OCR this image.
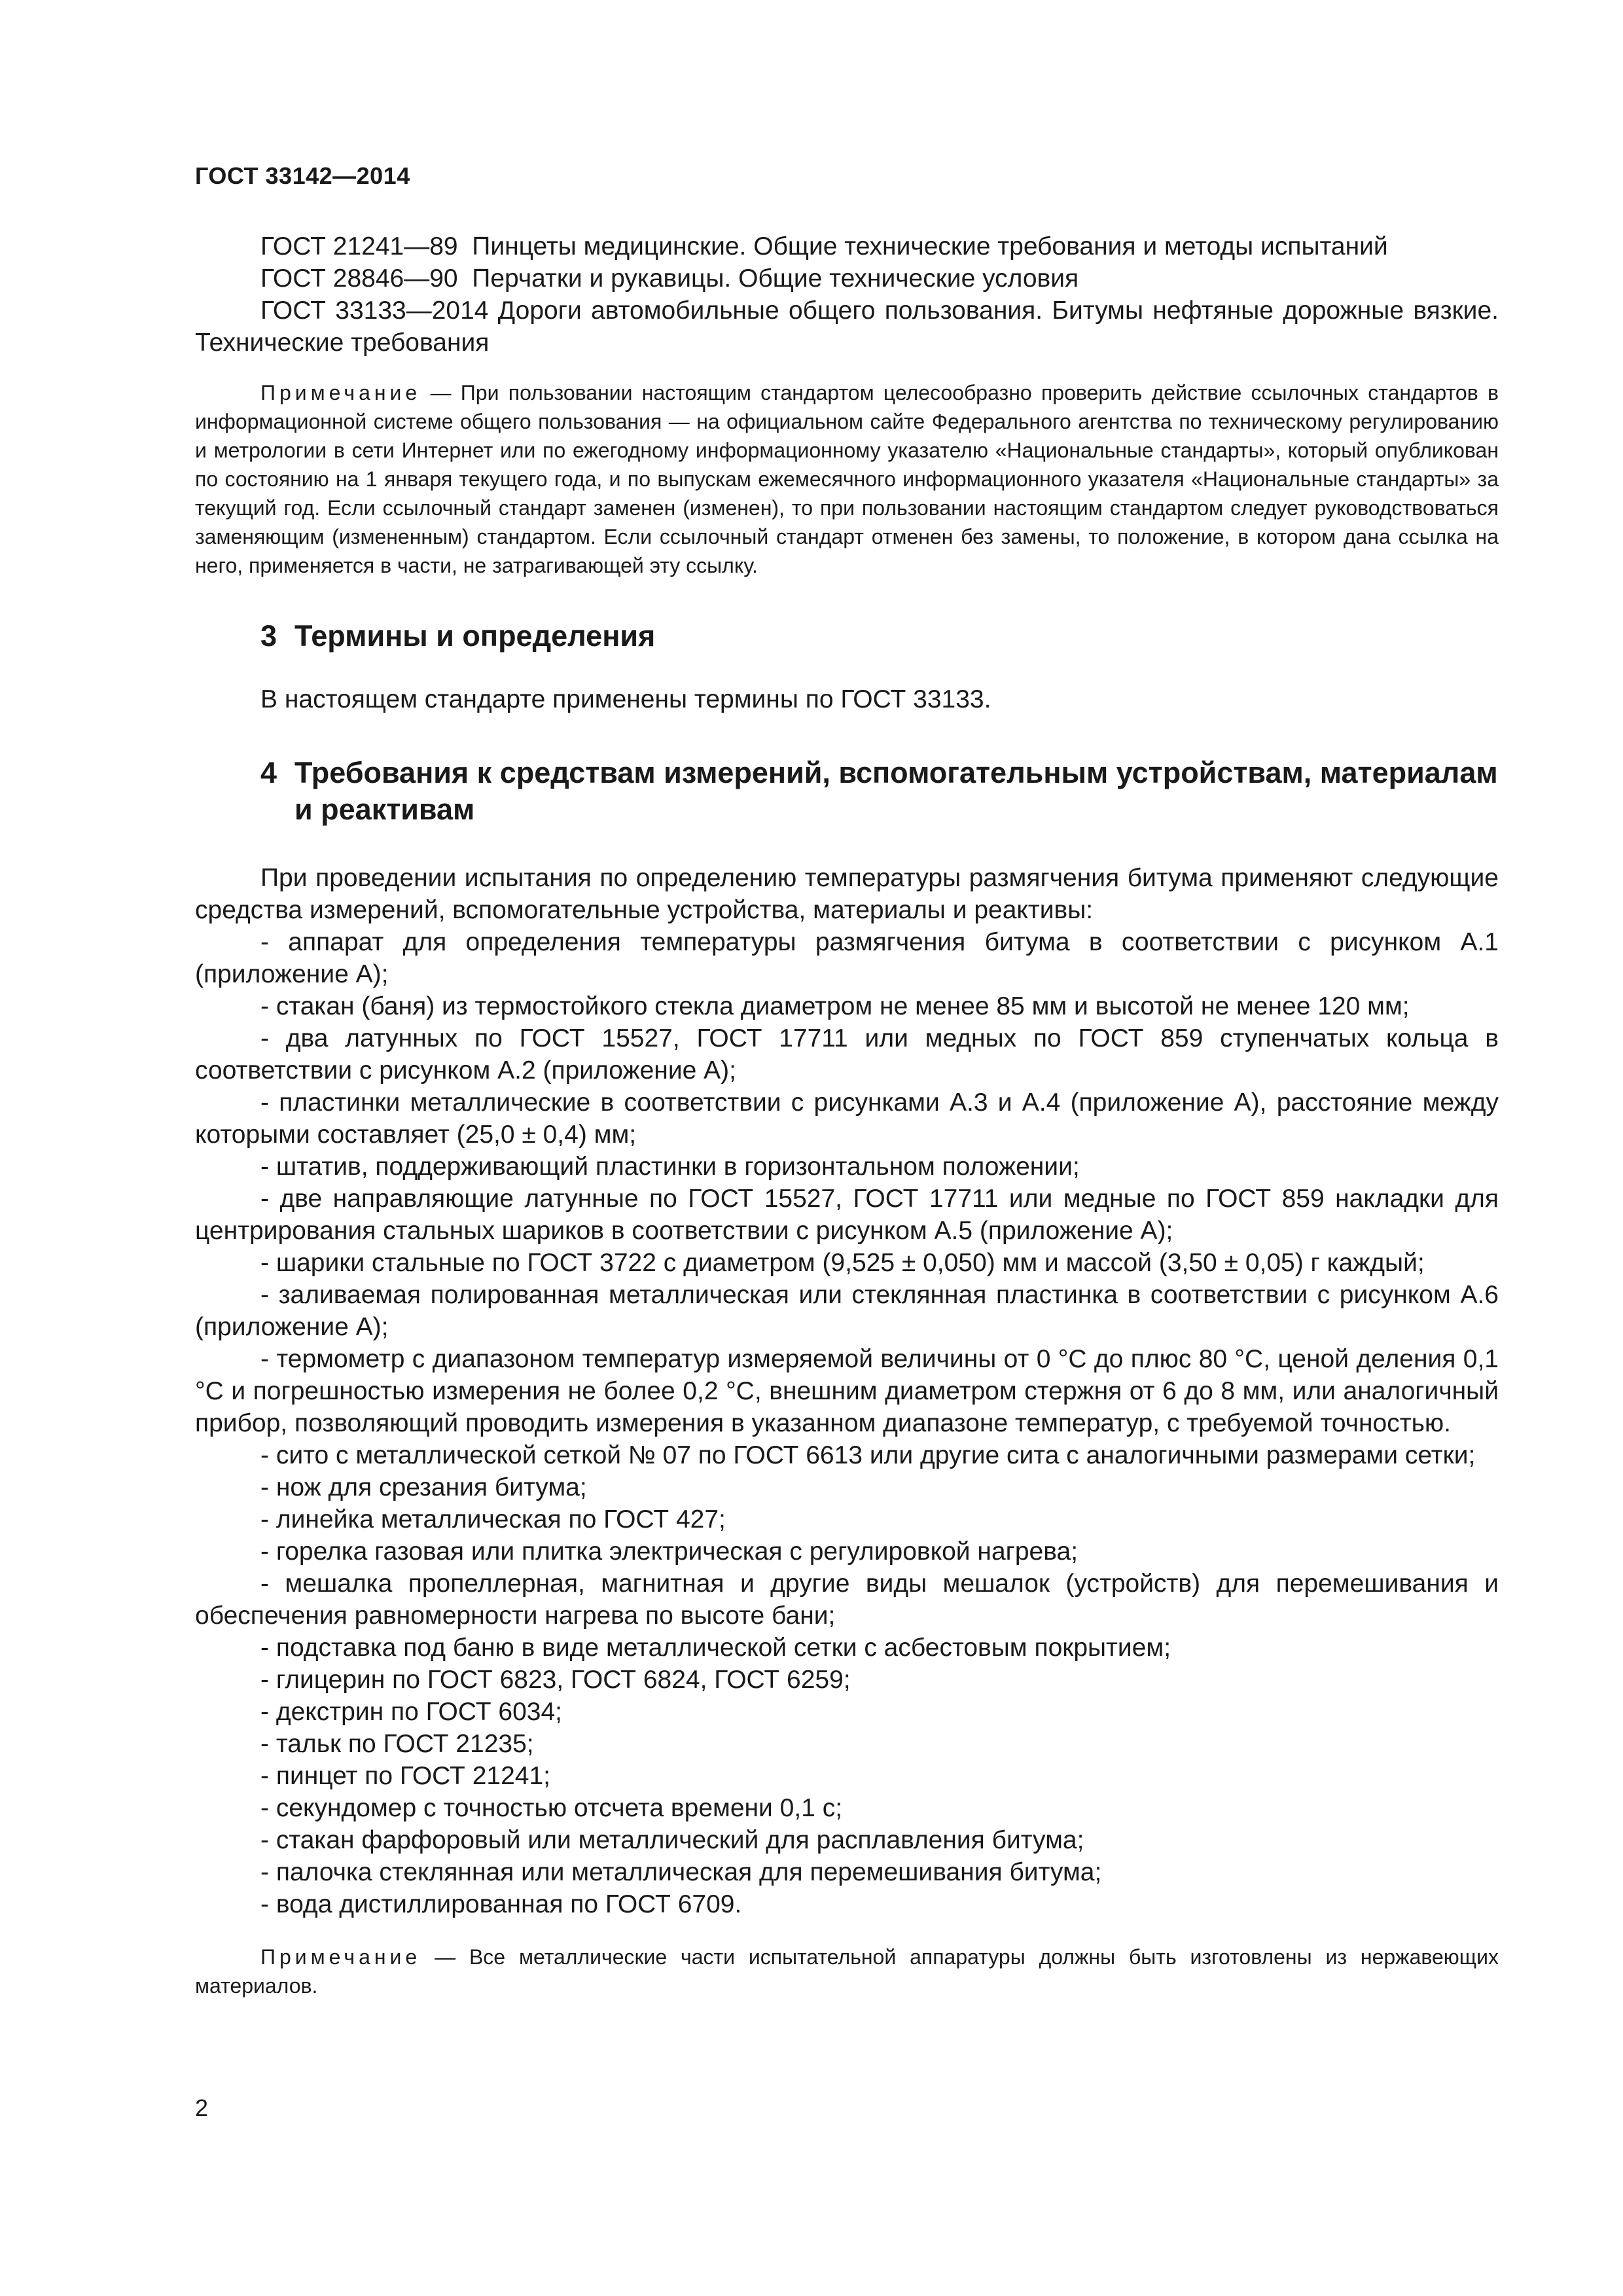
ГОСТ 33142—2014

ГОСТ 21241—89 Пинцеты медицинские. Общие технические требования и методы испытаний

ГОСТ 28846—90 Перчатки и рукавицы. Общие технические условия

ГОСТ 33133—2014 Дороги автомобильные общего пользования. Битумы нефтяные дорожные вязкие. Технические требования

Примечание — При пользовании настоящим стандартом целесообразно проверить действие ссылочных стандартов в информационной системе общего пользования — на официальном сайте Федерального агентства по техническому регулированию и метрологии в сети Интернет или по ежегодному информационному указателю «Национальные стандарты», который опубликован по состоянию на 1 января текущего года, и по выпускам ежемесячного информационного указателя «Национальные стандарты» за текущий год. Если ссылочный стандарт заменен (изменен), то при пользовании настоящим стандартом следует руководствоваться заменяющим (измененным) стандартом. Если ссылочный стандарт отменен без замены, то положение, в котором дана ссылка на него, применяется в части, не затрагивающей эту ссылку.

3 Термины и определения

В настоящем стандарте применены термины по ГОСТ 33133.

4 Требования к средствам измерений, вспомогательным устройствам, материалам и реактивам

При проведении испытания по определению температуры размягчения битума применяют следующие средства измерений, вспомогательные устройства, материалы и реактивы:

- аппарат для определения температуры размягчения битума в соответствии с рисунком А.1 (приложение А);

- стакан (баня) из термостойкого стекла диаметром не менее 85 мм и высотой не менее 120 мм;

- два латунных по ГОСТ 15527, ГОСТ 17711 или медных по ГОСТ 859 ступенчатых кольца в соответствии с рисунком А.2 (приложение А);

- пластинки металлические в соответствии с рисунками А.3 и А.4 (приложение А), расстояние между которыми составляет (25,0 ± 0,4) мм;

- штатив, поддерживающий пластинки в горизонтальном положении;

- две направляющие латунные по ГОСТ 15527, ГОСТ 17711 или медные по ГОСТ 859 накладки для центрирования стальных шариков в соответствии с рисунком А.5 (приложение А);

- шарики стальные по ГОСТ 3722 с диаметром (9,525 ± 0,050) мм и массой (3,50 ± 0,05) г каждый;

- заливаемая полированная металлическая или стеклянная пластинка в соответствии с рисунком А.6 (приложение А);

- термометр с диапазоном температур измеряемой величины от 0 °С до плюс 80 °С, ценой деления 0,1 °С и погрешностью измерения не более 0,2 °С, внешним диаметром стержня от 6 до 8 мм, или аналогичный прибор, позволяющий проводить измерения в указанном диапазоне температур, с требуемой точностью.

- сито с металлической сеткой № 07 по ГОСТ 6613 или другие сита с аналогичными размерами сетки;

- нож для срезания битума;

- линейка металлическая по ГОСТ 427;

- горелка газовая или плитка электрическая с регулировкой нагрева;

- мешалка пропеллерная, магнитная и другие виды мешалок (устройств) для перемешивания и обеспечения равномерности нагрева по высоте бани;

- подставка под баню в виде металлической сетки с асбестовым покрытием;

- глицерин по ГОСТ 6823, ГОСТ 6824, ГОСТ 6259;

- декстрин по ГОСТ 6034;

- тальк по ГОСТ 21235;

- пинцет по ГОСТ 21241;

- секундомер с точностью отсчета времени 0,1 с;

- стакан фарфоровый или металлический для расплавления битума;

- палочка стеклянная или металлическая для перемешивания битума;

- вода дистиллированная по ГОСТ 6709.

Примечание — Все металлические части испытательной аппаратуры должны быть изготовлены из нержавеющих материалов.

2
